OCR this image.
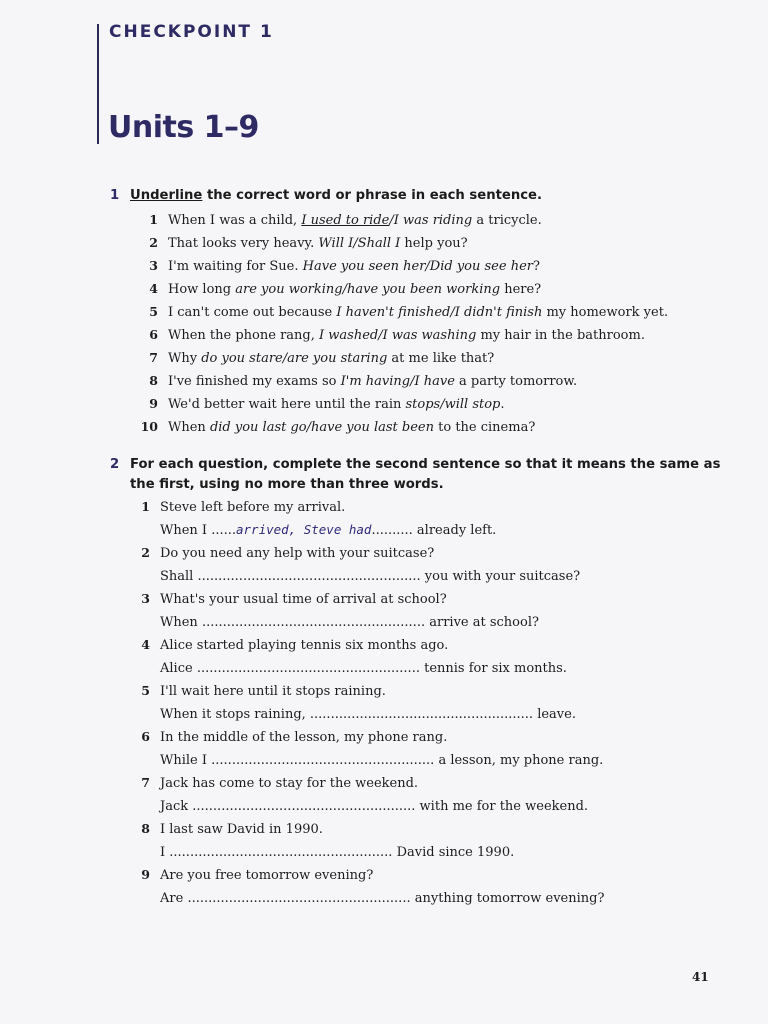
CHECKPOINT 1
Units 1–9
1 Underline the correct word or phrase in each sentence.
1 When I was a child, I used to ride/I was riding a tricycle.
2 That looks very heavy. Will I/Shall I help you?
3 I'm waiting for Sue. Have you seen her/Did you see her?
4 How long are you working/have you been working here?
5 I can't come out because I haven't finished/I didn't finish my homework yet.
6 When the phone rang, I washed/I was washing my hair in the bathroom.
7 Why do you stare/are you staring at me like that?
8 I've finished my exams so I'm having/I have a party tomorrow.
9 We'd better wait here until the rain stops/will stop.
10 When did you last go/have you last been to the cinema?
2 For each question, complete the second sentence so that it means the same as
the first, using no more than three words.
1 Steve left before my arrival.
When I ......arrived, Steve had.......... already left.
2 Do you need any help with your suitcase?
Shall ...................................................... you with your suitcase?
3 What's your usual time of arrival at school?
When ...................................................... arrive at school?
4 Alice started playing tennis six months ago.
Alice ...................................................... tennis for six months.
5 I'll wait here until it stops raining.
When it stops raining, ...................................................... leave.
6 In the middle of the lesson, my phone rang.
While I ...................................................... a lesson, my phone rang.
7 Jack has come to stay for the weekend.
Jack ...................................................... with me for the weekend.
8 I last saw David in 1990.
I ...................................................... David since 1990.
9 Are you free tomorrow evening?
Are ...................................................... anything tomorrow evening?
41
